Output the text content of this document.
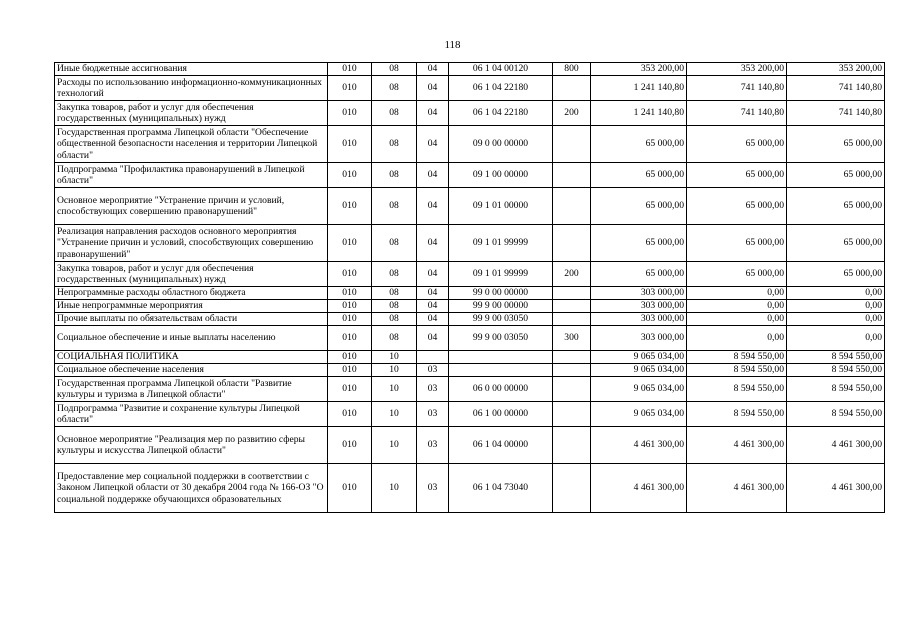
118
Иные бюджетные ассигнования	010	08	04	06 1 04 00120	800	353 200,00	353 200,00	353 200,00
Расходы по использованию информационно-коммуникационных технологий	010	08	04	06 1 04 22180		1 241 140,80	741 140,80	741 140,80
Закупка товаров, работ и услуг для обеспечения государственных (муниципальных) нужд	010	08	04	06 1 04 22180	200	1 241 140,80	741 140,80	741 140,80
Государственная программа Липецкой области "Обеспечение общественной безопасности населения и территории Липецкой области"	010	08	04	09 0 00 00000		65 000,00	65 000,00	65 000,00
Подпрограмма "Профилактика правонарушений в Липецкой области"	010	08	04	09 1 00 00000		65 000,00	65 000,00	65 000,00
Основное мероприятие "Устранение причин и условий, способствующих совершению правонарушений"	010	08	04	09 1 01 00000		65 000,00	65 000,00	65 000,00
Реализация направления расходов основного мероприятия "Устранение причин и условий, способствующих совершению правонарушений"	010	08	04	09 1 01 99999		65 000,00	65 000,00	65 000,00
Закупка товаров, работ и услуг для обеспечения государственных (муниципальных) нужд	010	08	04	09 1 01 99999	200	65 000,00	65 000,00	65 000,00
Непрограммные расходы областного бюджета	010	08	04	99 0 00 00000		303 000,00	0,00	0,00
Иные непрограммные мероприятия	010	08	04	99 9 00 00000		303 000,00	0,00	0,00
Прочие выплаты по обязательствам области	010	08	04	99 9 00 03050		303 000,00	0,00	0,00
Социальное обеспечение и иные выплаты населению	010	08	04	99 9 00 03050	300	303 000,00	0,00	0,00
СОЦИАЛЬНАЯ ПОЛИТИКА	010	10				9 065 034,00	8 594 550,00	8 594 550,00
Социальное обеспечение населения	010	10	03			9 065 034,00	8 594 550,00	8 594 550,00
Государственная программа Липецкой области "Развитие культуры и туризма в Липецкой области"	010	10	03	06 0 00 00000		9 065 034,00	8 594 550,00	8 594 550,00
Подпрограмма "Развитие и сохранение культуры Липецкой области"	010	10	03	06 1 00 00000		9 065 034,00	8 594 550,00	8 594 550,00
Основное мероприятие "Реализация мер по развитию сферы культуры и искусства Липецкой области"	010	10	03	06 1 04 00000		4 461 300,00	4 461 300,00	4 461 300,00
Предоставление мер социальной поддержки в соответствии с Законом Липецкой области от 30 декабря 2004 года № 166-ОЗ "О социальной поддержке обучающихся образовательных	010	10	03	06 1 04 73040		4 461 300,00	4 461 300,00	4 461 300,00
